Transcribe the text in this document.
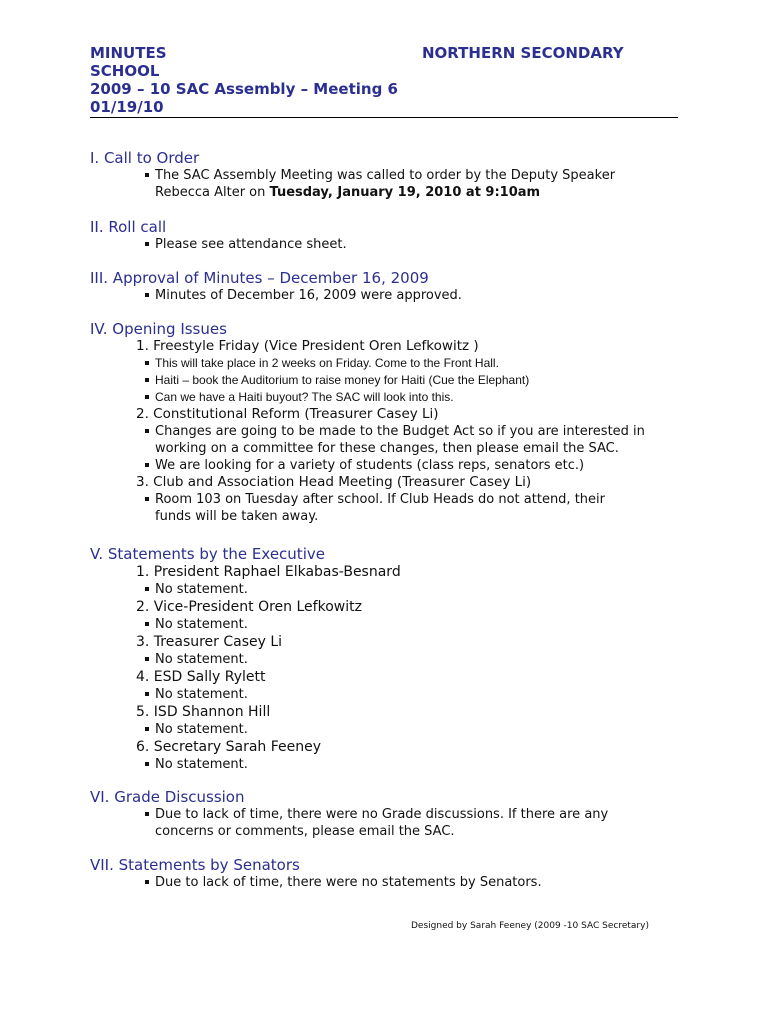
MINUTES	NORTHERN SECONDARY
SCHOOL
2009 – 10 SAC Assembly – Meeting 6
01/19/10
I. Call to Order
The SAC Assembly Meeting was called to order by the Deputy Speaker
Rebecca Alter on Tuesday, January 19, 2010 at 9:10am
II. Roll call
Please see attendance sheet.
III. Approval of Minutes – December 16, 2009
Minutes of December 16, 2009 were approved.
IV. Opening Issues
1. Freestyle Friday (Vice President Oren Lefkowitz )
This will take place in 2 weeks on Friday. Come to the Front Hall.
Haiti – book the Auditorium to raise money for Haiti (Cue the Elephant)
Can we have a Haiti buyout? The SAC will look into this.
2. Constitutional Reform (Treasurer Casey Li)
Changes are going to be made to the Budget Act so if you are interested in
working on a committee for these changes, then please email the SAC.
We are looking for a variety of students (class reps, senators etc.)
3. Club and Association Head Meeting (Treasurer Casey Li)
Room 103 on Tuesday after school. If Club Heads do not attend, their
funds will be taken away.
V. Statements by the Executive
1. President Raphael Elkabas-Besnard
No statement.
2. Vice-President Oren Lefkowitz
No statement.
3. Treasurer Casey Li
No statement.
4. ESD Sally Rylett
No statement.
5. ISD Shannon Hill
No statement.
6. Secretary Sarah Feeney
No statement.
VI. Grade Discussion
Due to lack of time, there were no Grade discussions. If there are any
concerns or comments, please email the SAC.
VII. Statements by Senators
Due to lack of time, there were no statements by Senators.
Designed by Sarah Feeney (2009 -10 SAC Secretary)
